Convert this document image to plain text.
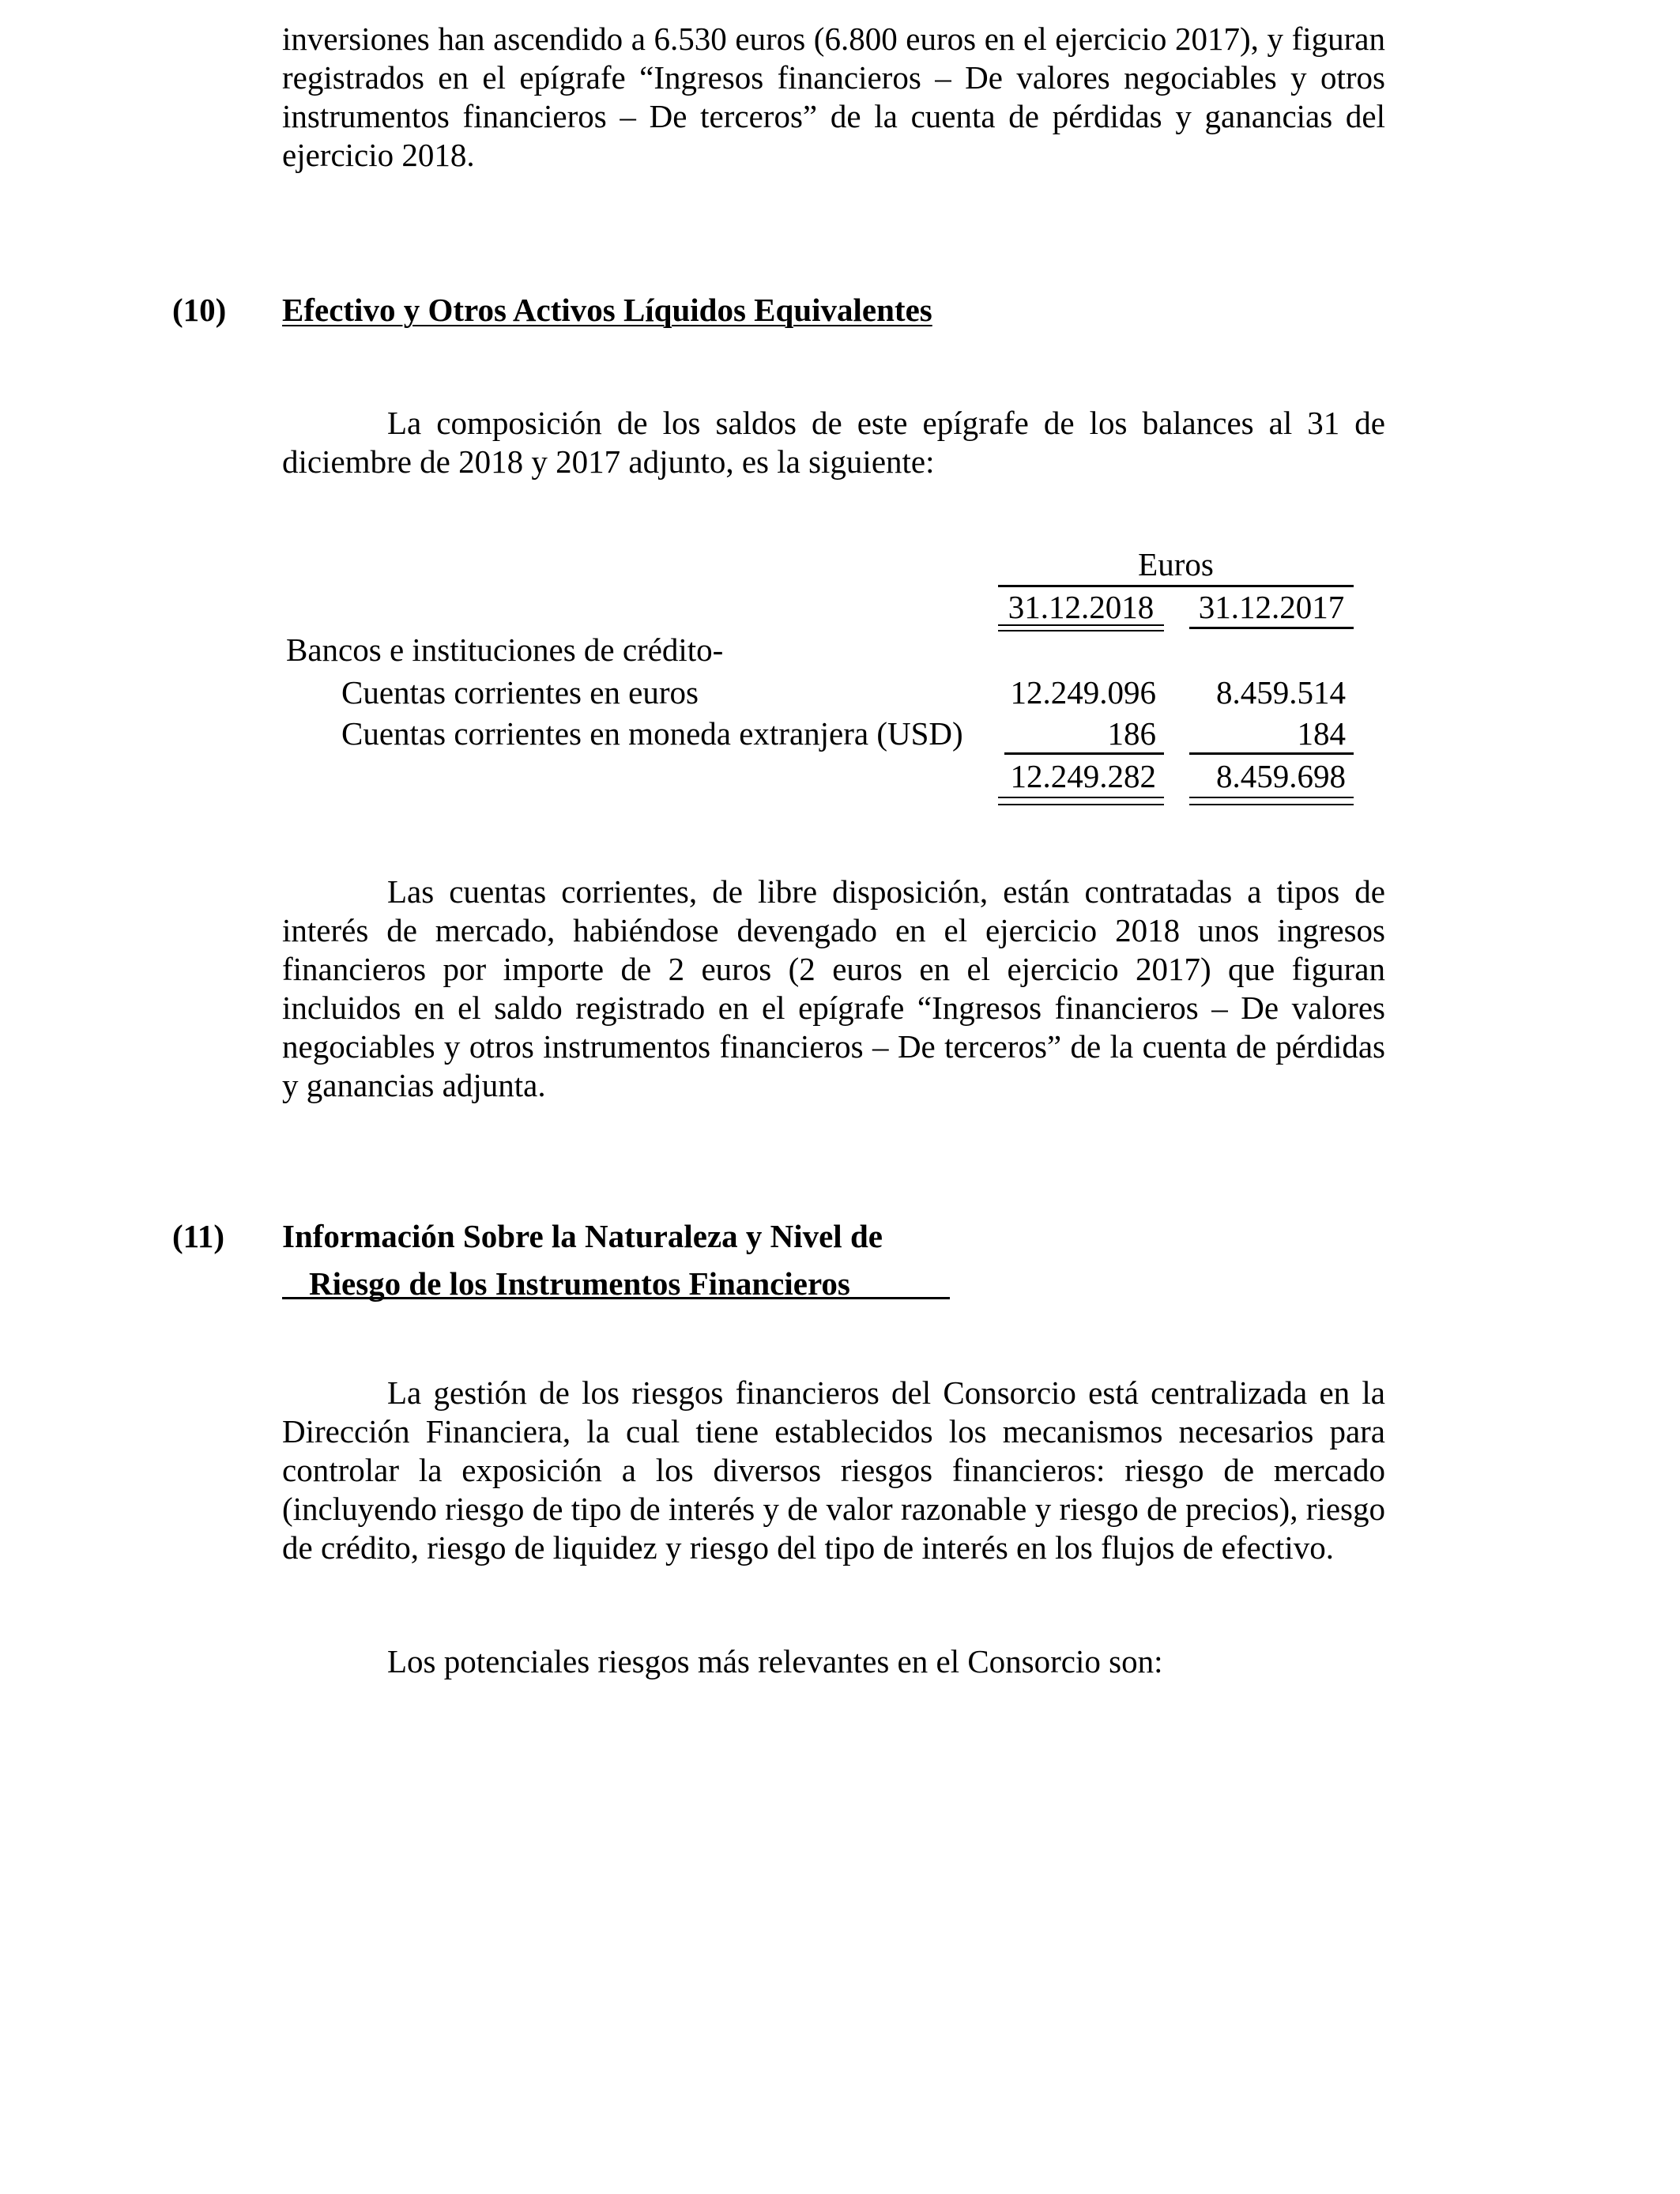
inversiones han ascendido a 6.530 euros (6.800 euros en el ejercicio 2017), y figuran registrados en el epígrafe “Ingresos financieros – De valores negociables y otros instrumentos financieros – De terceros” de la cuenta de pérdidas y ganancias del ejercicio 2018.

(10) Efectivo y Otros Activos Líquidos Equivalentes

La composición de los saldos de este epígrafe de los balances al 31 de diciembre de 2018 y 2017 adjunto, es la siguiente:

Euros
31.12.2018	31.12.2017
Bancos e instituciones de crédito-
Cuentas corrientes en euros	12.249.096	8.459.514
Cuentas corrientes en moneda extranjera (USD)	186	184
12.249.282	8.459.698

Las cuentas corrientes, de libre disposición, están contratadas a tipos de interés de mercado, habiéndose devengado en el ejercicio 2018 unos ingresos financieros por importe de 2 euros (2 euros en el ejercicio 2017) que figuran incluidos en el saldo registrado en el epígrafe “Ingresos financieros – De valores negociables y otros instrumentos financieros – De terceros” de la cuenta de pérdidas y ganancias adjunta.

(11) Información Sobre la Naturaleza y Nivel de

Riesgo de los Instrumentos Financieros

La gestión de los riesgos financieros del Consorcio está centralizada en la Dirección Financiera, la cual tiene establecidos los mecanismos necesarios para controlar la exposición a los diversos riesgos financieros: riesgo de mercado (incluyendo riesgo de tipo de interés y de valor razonable y riesgo de precios), riesgo de crédito, riesgo de liquidez y riesgo del tipo de interés en los flujos de efectivo.

Los potenciales riesgos más relevantes en el Consorcio son:
